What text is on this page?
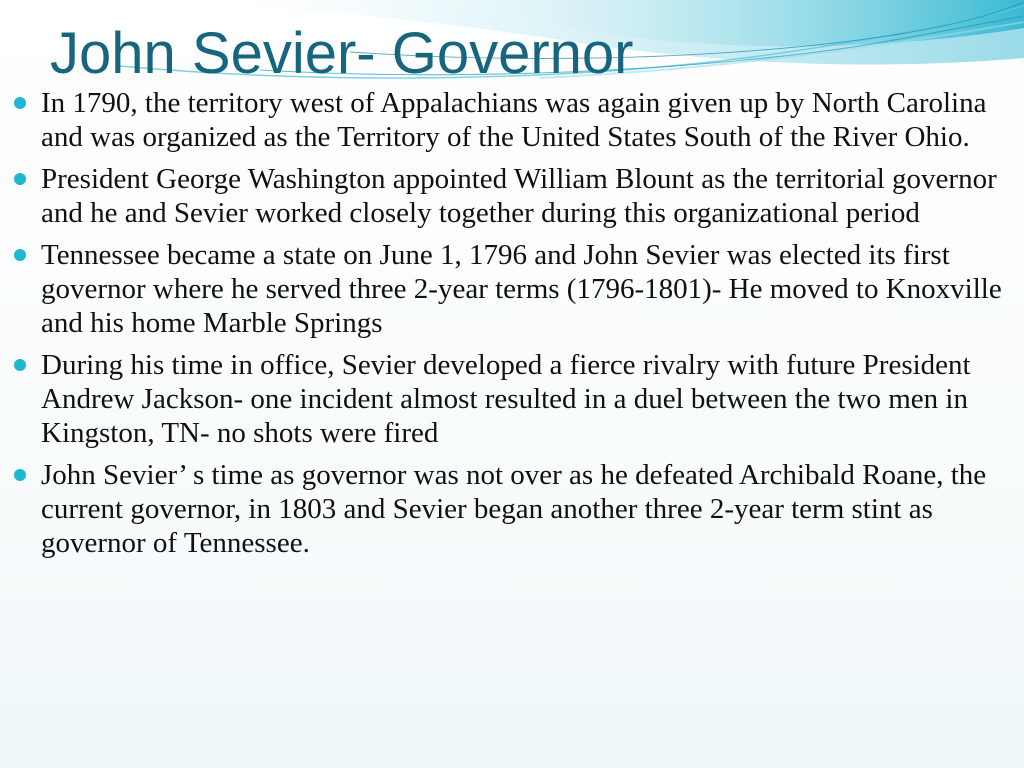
John Sevier- Governor
In 1790, the territory west of Appalachians was again given up by North Carolina and was organized as the Territory of the United States South of the River Ohio.
President George Washington appointed William Blount as the territorial governor and he and Sevier worked closely together during this organizational period
Tennessee became a state on June 1, 1796 and John Sevier was elected its first governor where he served three 2-year terms (1796-1801)- He moved to Knoxville and his home Marble Springs
During his time in office, Sevier developed a fierce rivalry with future President Andrew Jackson- one incident almost resulted in a duel between the two men in Kingston, TN- no shots were fired
John Sevier’ s time as governor was not over as he defeated Archibald Roane, the current governor, in 1803 and Sevier began another three 2-year term stint as governor of Tennessee.
